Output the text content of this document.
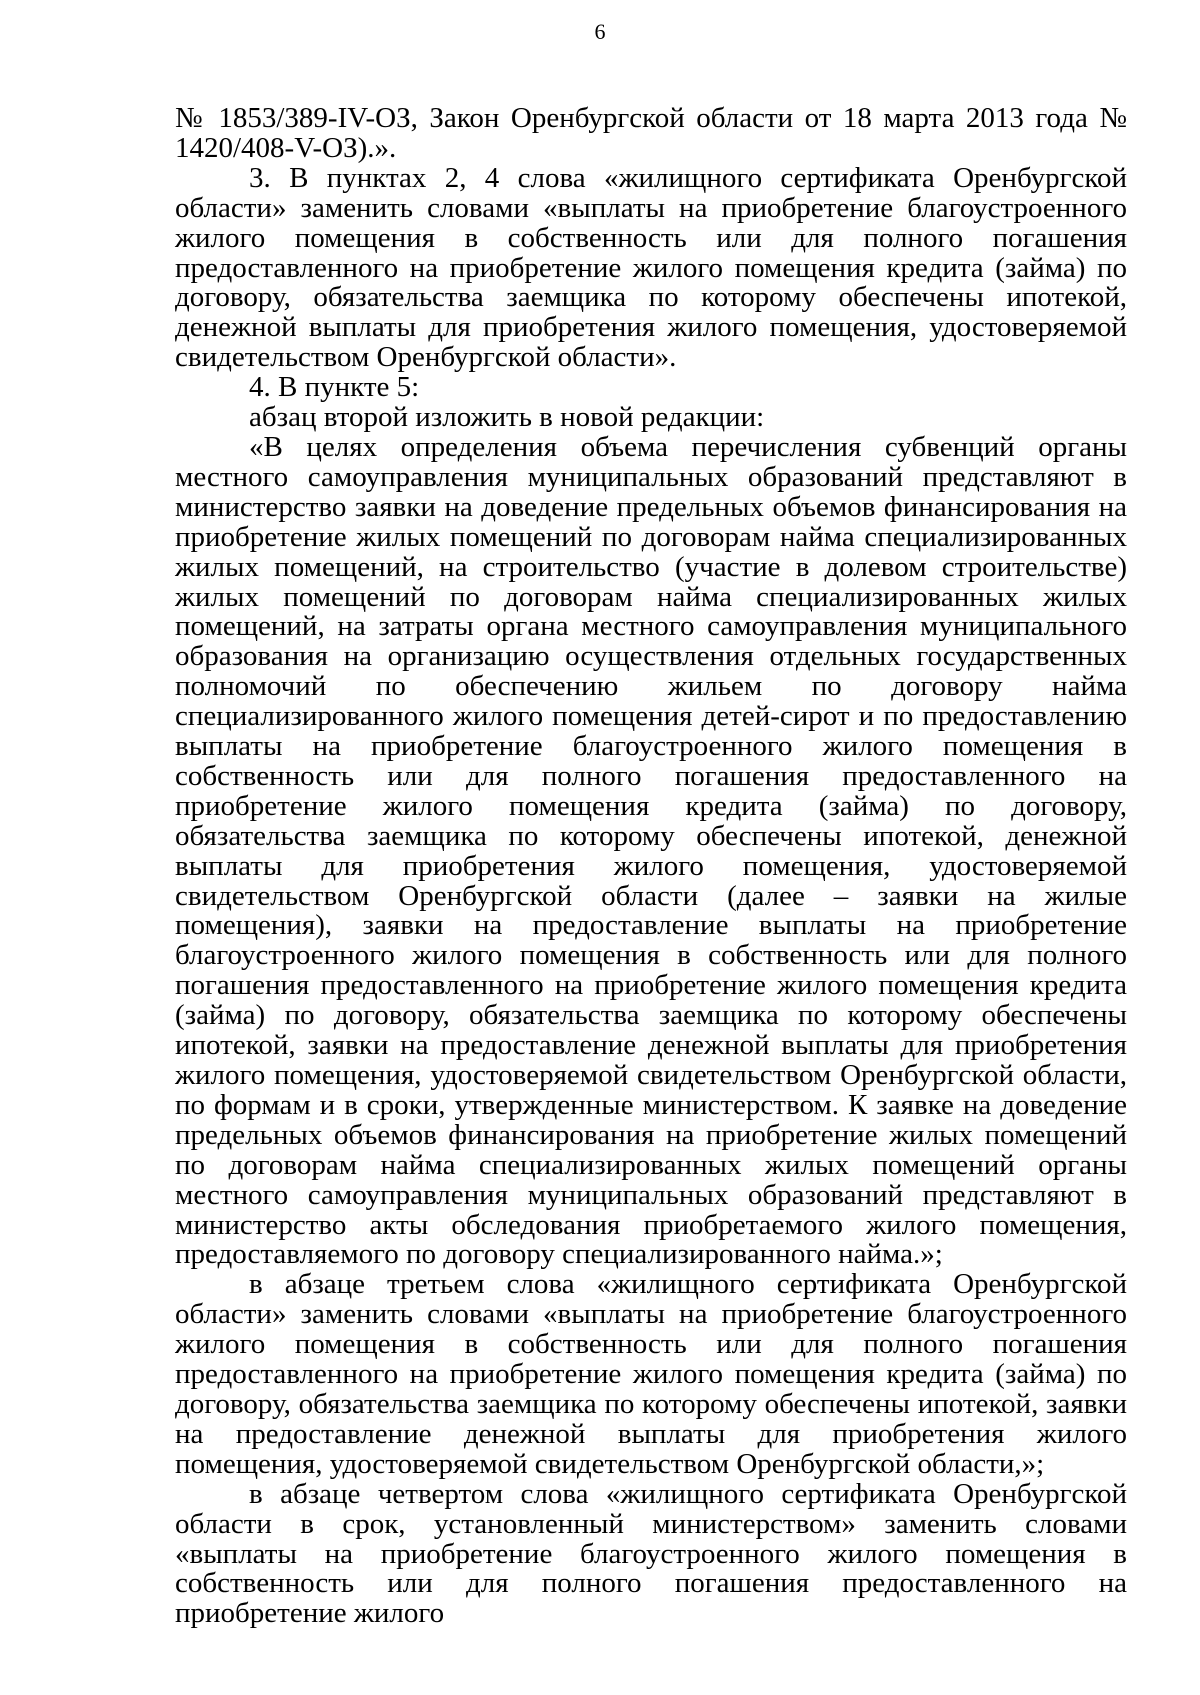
6

№ 1853/389-IV-ОЗ, Закон Оренбургской области от 18 марта 2013 года № 1420/408-V-ОЗ).».

3. В пунктах 2, 4 слова «жилищного сертификата Оренбургской области» заменить словами «выплаты на приобретение благоустроенного жилого помещения в собственность или для полного погашения предоставленного на приобретение жилого помещения кредита (займа) по договору, обязательства заемщика по которому обеспечены ипотекой, денежной выплаты для приобретения жилого помещения, удостоверяемой свидетельством Оренбургской области».

4. В пункте 5:

абзац второй изложить в новой редакции:

«В целях определения объема перечисления субвенций органы местного самоуправления муниципальных образований представляют в министерство заявки на доведение предельных объемов финансирования на приобретение жилых помещений по договорам найма специализированных жилых помещений, на строительство (участие в долевом строительстве) жилых помещений по договорам найма специализированных жилых помещений, на затраты органа местного самоуправления муниципального образования на организацию осуществления отдельных государственных полномочий по обеспечению жильем по договору найма специализированного жилого помещения детей-сирот и по предоставлению выплаты на приобретение благоустроенного жилого помещения в собственность или для полного погашения предоставленного на приобретение жилого помещения кредита (займа) по договору, обязательства заемщика по которому обеспечены ипотекой, денежной выплаты для приобретения жилого помещения, удостоверяемой свидетельством Оренбургской области (далее – заявки на жилые помещения), заявки на предоставление выплаты на приобретение благоустроенного жилого помещения в собственность или для полного погашения предоставленного на приобретение жилого помещения кредита (займа) по договору, обязательства заемщика по которому обеспечены ипотекой, заявки на предоставление денежной выплаты для приобретения жилого помещения, удостоверяемой свидетельством Оренбургской области, по формам и в сроки, утвержденные министерством. К заявке на доведение предельных объемов финансирования на приобретение жилых помещений по договорам найма специализированных жилых помещений органы местного самоуправления муниципальных образований представляют в министерство акты обследования приобретаемого жилого помещения, предоставляемого по договору специализированного найма.»;

в абзаце третьем слова «жилищного сертификата Оренбургской области» заменить словами «выплаты на приобретение благоустроенного жилого помещения в собственность или для полного погашения предоставленного на приобретение жилого помещения кредита (займа) по договору, обязательства заемщика по которому обеспечены ипотекой, заявки на предоставление денежной выплаты для приобретения жилого помещения, удостоверяемой свидетельством Оренбургской области,»;

в абзаце четвертом слова «жилищного сертификата Оренбургской области в срок, установленный министерством» заменить словами «выплаты на приобретение благоустроенного жилого помещения в собственность или для полного погашения предоставленного на приобретение жилого
